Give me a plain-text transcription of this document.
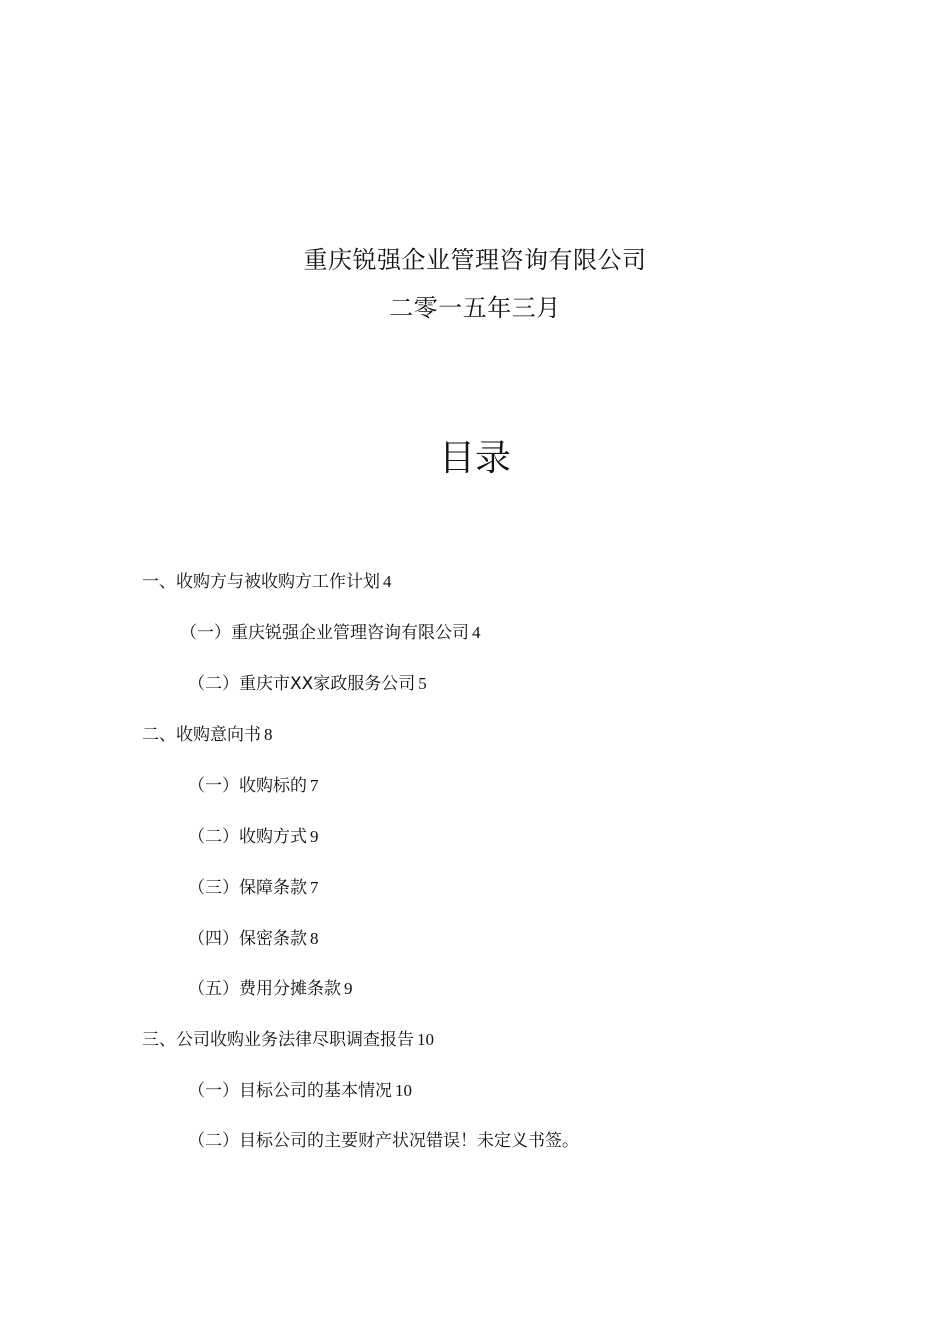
重庆锐强企业管理咨询有限公司
二零一五年三月
目录
一、收购方与被收购方工作计划 4
（一）重庆锐强企业管理咨询有限公司 4
（二）重庆市XX家政服务公司 5
二、收购意向书 8
（一）收购标的 7
（二）收购方式 9
（三）保障条款 7
（四）保密条款 8
（五）费用分摊条款 9
三、公司收购业务法律尽职调查报告 10
（一）目标公司的基本情况 10
（二）目标公司的主要财产状况错误！未定义书签。
